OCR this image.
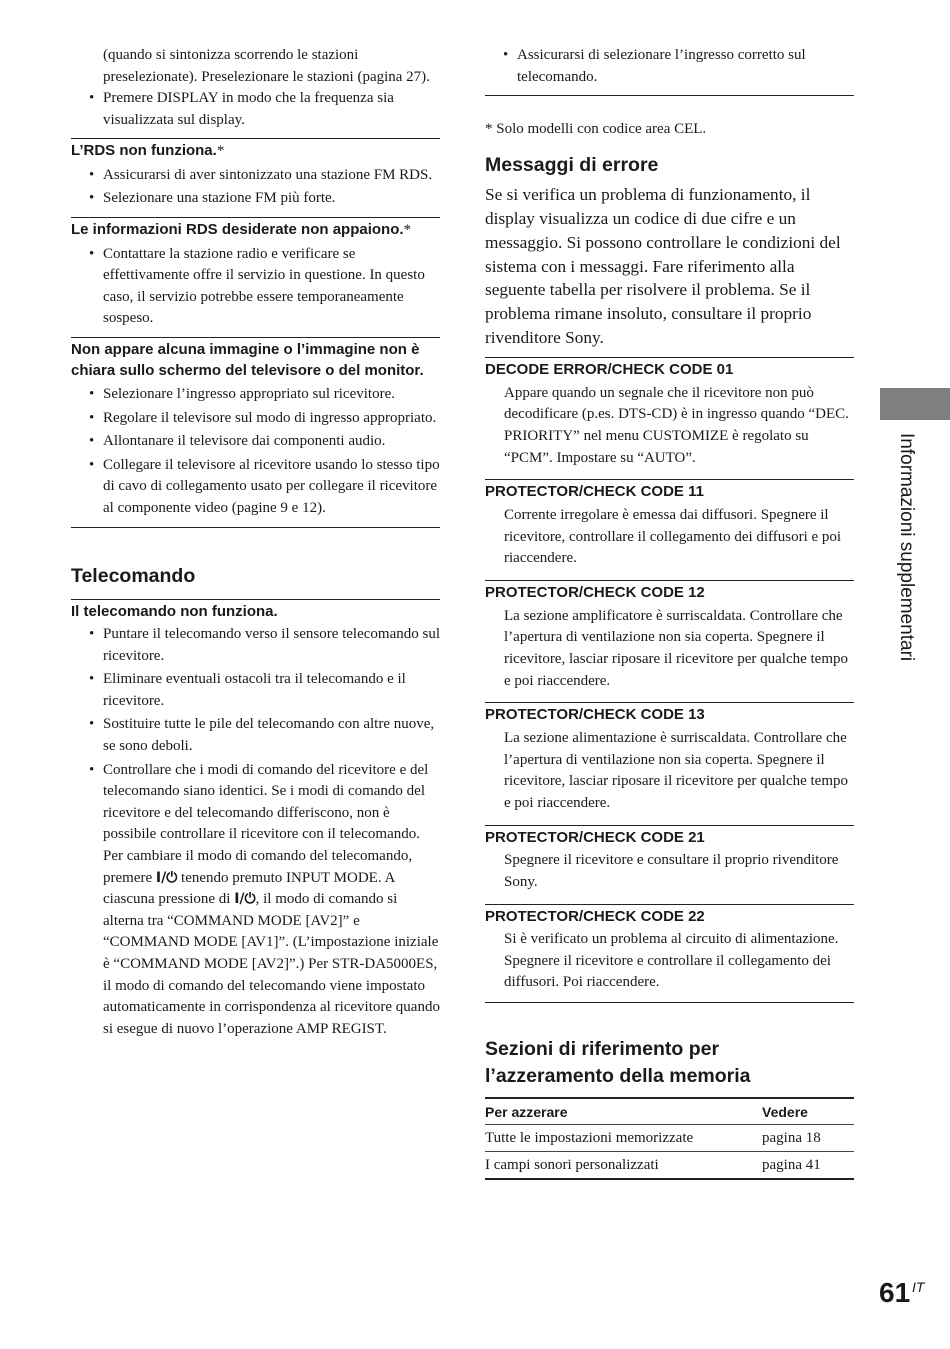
(quando si sintonizza scorrendo le stazioni preselezionate). Preselezionare le stazioni (pagina 27).

• Premere DISPLAY in modo che la frequenza sia visualizzata sul display.
L’RDS non funziona.*
• Assicurarsi di aver sintonizzato una stazione FM RDS.
• Selezionare una stazione FM più forte.
Le informazioni RDS desiderate non appaiono.*
• Contattare la stazione radio e verificare se effettivamente offre il servizio in questione. In questo caso, il servizio potrebbe essere temporaneamente sospeso.
Non appare alcuna immagine o l’immagine non è chiara sullo schermo del televisore o del monitor.
• Selezionare l’ingresso appropriato sul ricevitore.
• Regolare il televisore sul modo di ingresso appropriato.
• Allontanare il televisore dai componenti audio.
• Collegare il televisore al ricevitore usando lo stesso tipo di cavo di collegamento usato per collegare il ricevitore al componente video (pagine 9 e 12).
Telecomando
Il telecomando non funziona.
• Puntare il telecomando verso il sensore telecomando sul ricevitore.
• Eliminare eventuali ostacoli tra il telecomando e il ricevitore.
• Sostituire tutte le pile del telecomando con altre nuove, se sono deboli.
• Controllare che i modi di comando del ricevitore e del telecomando siano identici. Se i modi di comando del ricevitore e del telecomando differiscono, non è possibile controllare il ricevitore con il telecomando.

Per cambiare il modo di comando del telecomando, premere I/⏻ tenendo premuto INPUT MODE. A ciascuna pressione di I/⏻, il modo di comando si alterna tra “COMMAND MODE [AV2]” e “COMMAND MODE [AV1]”. (L’impostazione iniziale è “COMMAND MODE [AV2]”.) Per STR-DA5000ES, il modo di comando del telecomando viene impostato automaticamente in corrispondenza al ricevitore quando si esegue di nuovo l’operazione AMP REGIST.

• Assicurarsi di selezionare l’ingresso corretto sul telecomando.

* Solo modelli con codice area CEL.

Messaggi di errore

Se si verifica un problema di funzionamento, il display visualizza un codice di due cifre e un messaggio. Si possono controllare le condizioni del sistema con i messaggi. Fare riferimento alla seguente tabella per risolvere il problema. Se il problema rimane insoluto, consultare il proprio rivenditore Sony.

DECODE ERROR/CHECK CODE 01
Appare quando un segnale che il ricevitore non può decodificare (p.es. DTS-CD) è in ingresso quando “DEC. PRIORITY” nel menu CUSTOMIZE è regolato su “PCM”. Impostare su “AUTO”.
PROTECTOR/CHECK CODE 11
Corrente irregolare è emessa dai diffusori. Spegnere il ricevitore, controllare il collegamento dei diffusori e poi riaccendere.
PROTECTOR/CHECK CODE 12
La sezione amplificatore è surriscaldata. Controllare che l’apertura di ventilazione non sia coperta. Spegnere il ricevitore, lasciar riposare il ricevitore per qualche tempo e poi riaccendere.
PROTECTOR/CHECK CODE 13
La sezione alimentazione è surriscaldata. Controllare che l’apertura di ventilazione non sia coperta. Spegnere il ricevitore, lasciar riposare il ricevitore per qualche tempo e poi riaccendere.
PROTECTOR/CHECK CODE 21
Spegnere il ricevitore e consultare il proprio rivenditore Sony.
PROTECTOR/CHECK CODE 22
Si è verificato un problema al circuito di alimentazione. Spegnere il ricevitore e controllare il collegamento dei diffusori. Poi riaccendere.
Sezioni di riferimento per
l’azzeramento della memoria
Per azzerare	Vedere
Tutte le impostazioni memorizzate	pagina 18
I campi sonori personalizzati	pagina 41
Informazioni supplementari
61 IT
